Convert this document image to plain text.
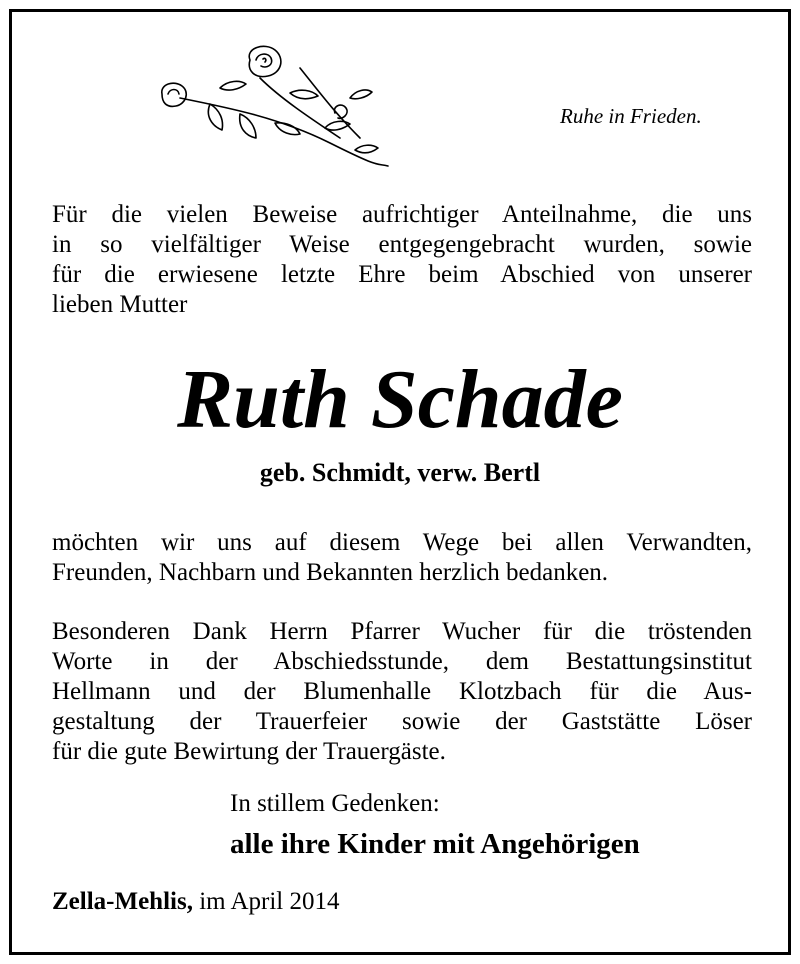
Ruhe in Frieden.

Für die vielen Beweise aufrichtiger Anteilnahme, die uns
in so vielfältiger Weise entgegengebracht wurden, sowie
für die erwiesene letzte Ehre beim Abschied von unserer
lieben Mutter

Ruth Schade
geb. Schmidt, verw. Bertl

möchten wir uns auf diesem Wege bei allen Verwandten,
Freunden, Nachbarn und Bekannten herzlich bedanken.

Besonderen Dank Herrn Pfarrer Wucher für die tröstenden
Worte in der Abschiedsstunde, dem Bestattungsinstitut
Hellmann und der Blumenhalle Klotzbach für die Aus-
gestaltung der Trauerfeier sowie der Gaststätte Löser
für die gute Bewirtung der Trauergäste.

In stillem Gedenken:
alle ihre Kinder mit Angehörigen
Zella-Mehlis, im April 2014
